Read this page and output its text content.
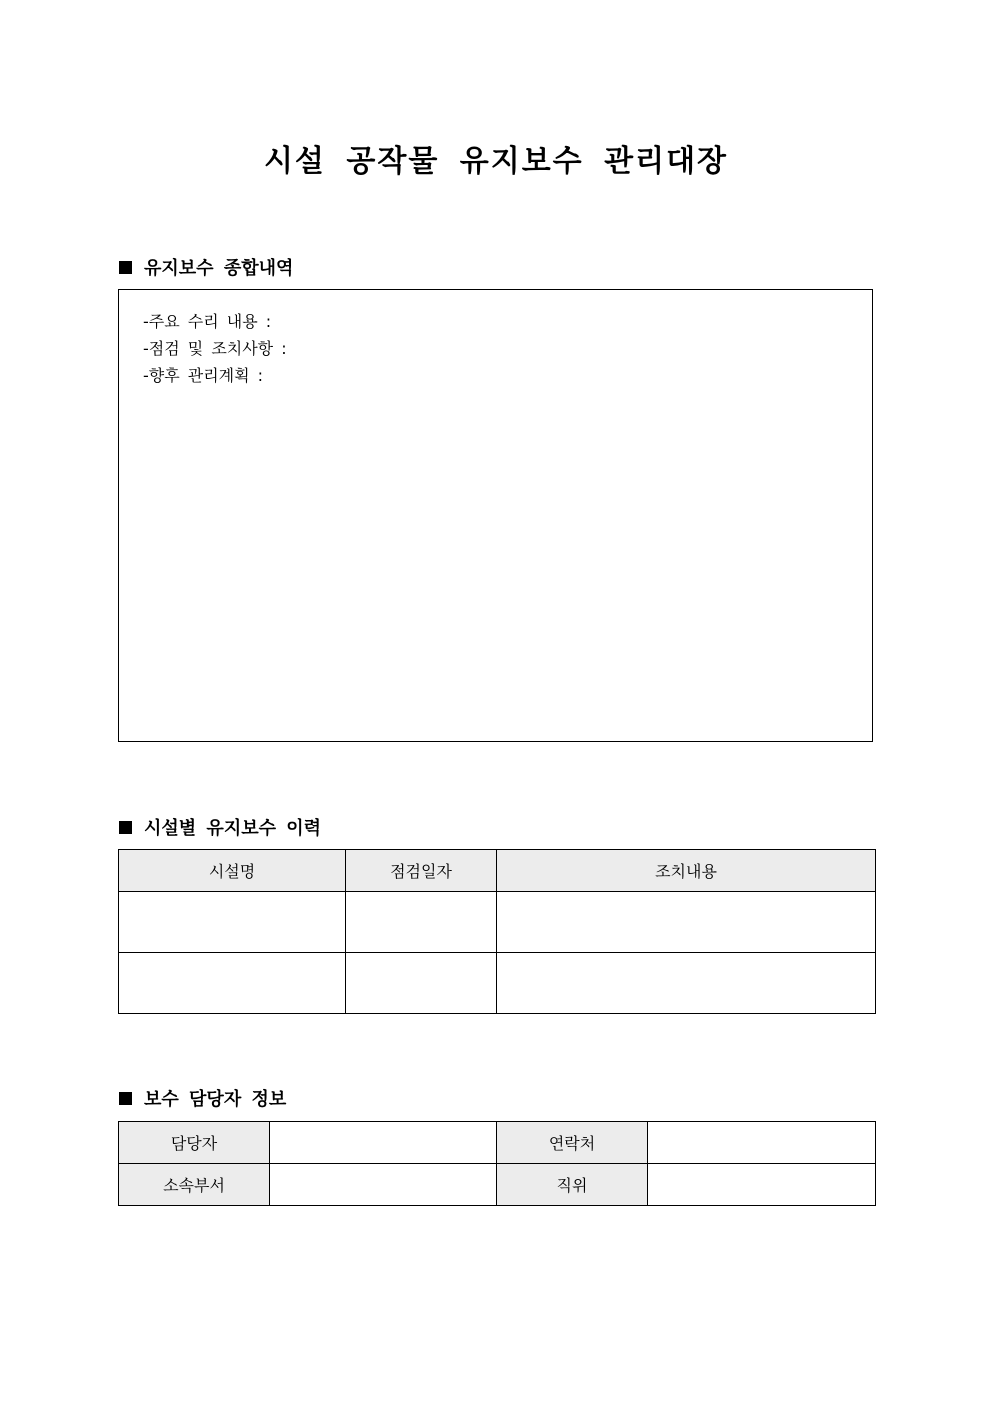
시설 공작물 유지보수 관리대장
유지보수 종합내역
-주요 수리 내용 :
-점검 및 조치사항 :
-향후 관리계획 :
시설별 유지보수 이력
시설명	점검일자	조치내용

보수 담당자 정보
담당자		연락처	
소속부서		직위	
